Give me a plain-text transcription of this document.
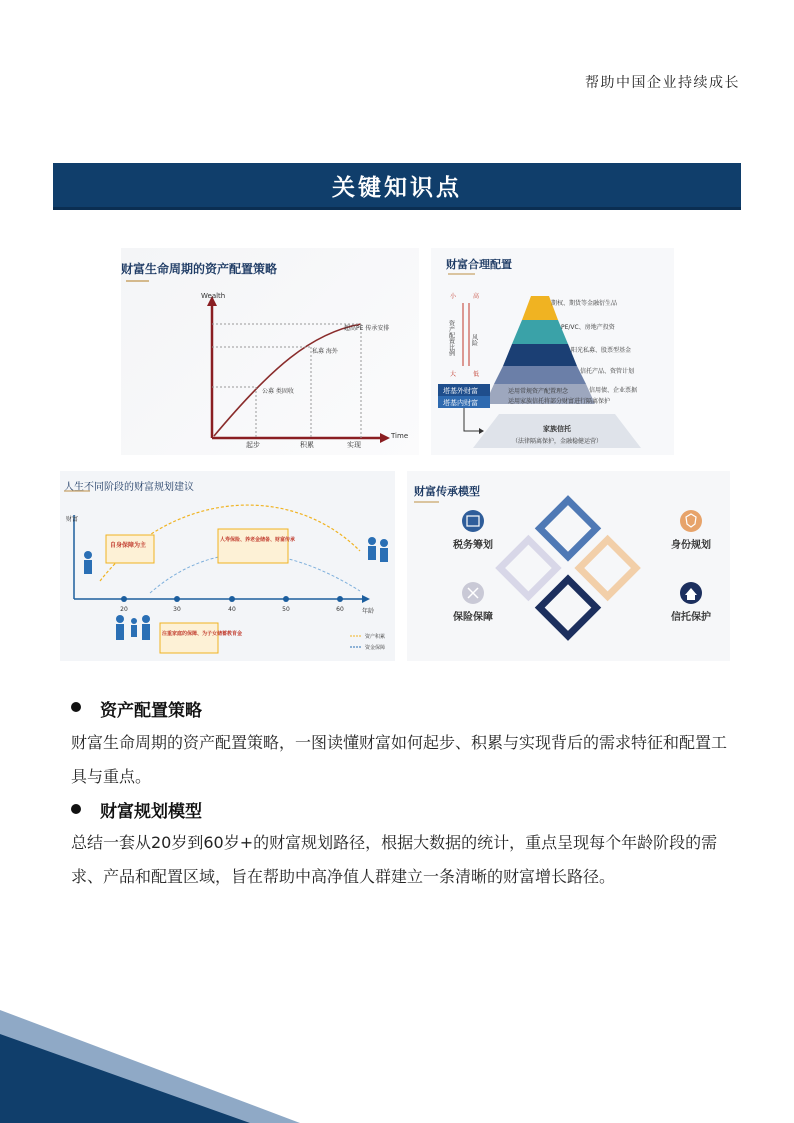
帮助中国企业持续成长
关键知识点
财富生命周期的资产配置策略
Wealth
Time
起步	积累	实现
公募 类固收
私募 海外
超高PE 传承安排
财富合理配置
期权、期货等金融衍生品
PE/VC、房地产投资
阳光私募、股票型基金
信托产品、资管计划
信用债、企业票据
小	高
大	低
资产配置比例	风险
塔基外财富
塔基内财富
运用常规资产配置理念
运用家族信托将部分财富进行隔离保护
家族信托
（法律隔离保护，金融稳健运营）
人生不同阶段的财富规划建议
财富
年龄
20	30	40	50	60
自身保障为主
人寿保险、养老金储备、财富传承
注重家庭的保障、为子女储蓄教育金	资产积累
资金保障
财富传承模型
税务筹划	身份规划
保险保障	信托保护
资产配置策略
财富生命周期的资产配置策略，一图读懂财富如何起步、积累与实现背后的需求特征和配置工具与重点。
财富规划模型
总结一套从20岁到60岁+的财富规划路径，根据大数据的统计，重点呈现每个年龄阶段的需求、产品和配置区域，旨在帮助中高净值人群建立一条清晰的财富增长路径。
